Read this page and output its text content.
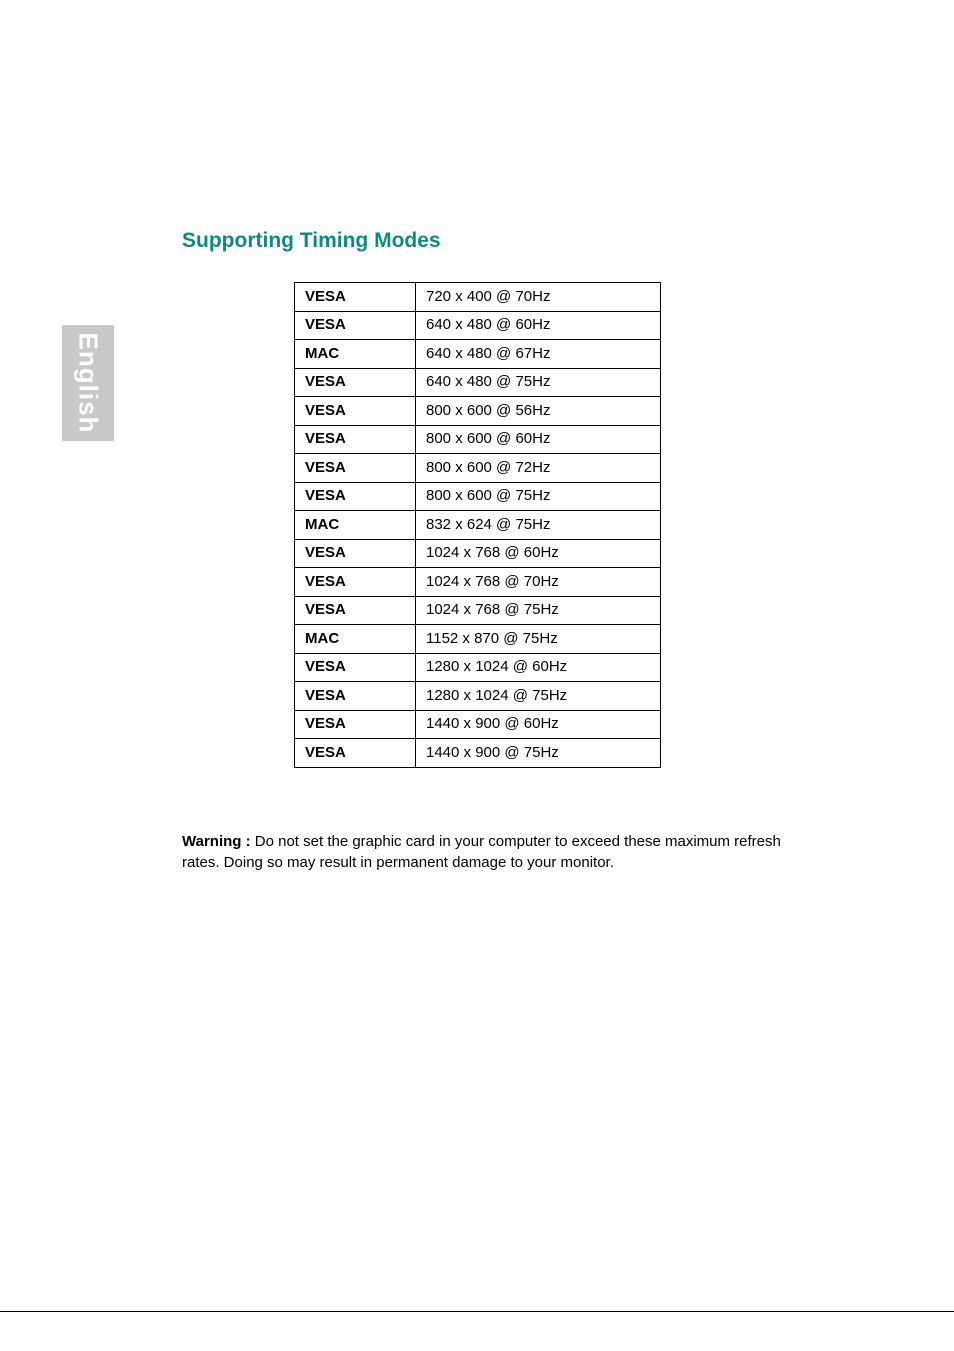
English
Supporting Timing Modes
VESA	720 x 400 @ 70Hz
VESA	640 x 480 @ 60Hz
MAC	640 x 480 @ 67Hz
VESA	640 x 480 @ 75Hz
VESA	800 x 600 @ 56Hz
VESA	800 x 600 @ 60Hz
VESA	800 x 600 @ 72Hz
VESA	800 x 600 @ 75Hz
MAC	832 x 624 @ 75Hz
VESA	1024 x 768 @ 60Hz
VESA	1024 x 768 @ 70Hz
VESA	1024 x 768 @ 75Hz
MAC	1152 x 870 @ 75Hz
VESA	1280 x 1024 @ 60Hz
VESA	1280 x 1024 @ 75Hz
VESA	1440 x 900 @ 60Hz
VESA	1440 x 900 @ 75Hz

Warning : Do not set the graphic card in your computer to exceed these maximum refresh rates. Doing so may result in permanent damage to your monitor.
